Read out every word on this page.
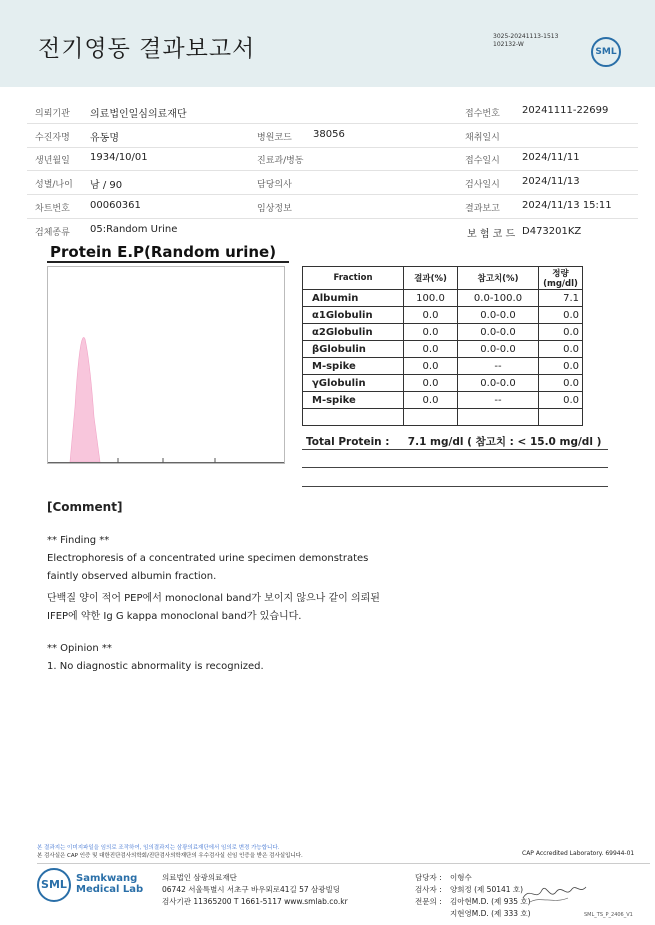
전기영동 결과보고서	3025-20241113-1513
102132-W
SML
의뢰기관 의료법인일심의료재단	접수번호 20241111-22699
수진자명 유동명	병원코드 38056	채취일시
생년월일 1934/10/01	진료과/병동	접수일시 2024/11/11
성별/나이 남 / 90	담당의사	검사일시 2024/11/13
차트번호 00060361	임상정보	결과보고 2024/11/13 15:11
검체종류 05:Random Urine	보 험 코 드 D473201KZ
Protein E.P(Random urine)
Fraction	결과(%)	참고치(%)	정량(mg/dl)
Albumin	100.0	0.0-100.0	7.1
α1Globulin	0.0	0.0-0.0	0.0
α2Globulin	0.0	0.0-0.0	0.0
βGlobulin	0.0	0.0-0.0	0.0
M-spike	0.0	--	0.0
γGlobulin	0.0	0.0-0.0	0.0
M-spike	0.0	--	0.0

Total Protein : 7.1 mg/dl ( 참고치 : < 15.0 mg/dl )
[Comment]
** Finding **
Electrophoresis of a concentrated urine specimen demonstrates
faintly observed albumin fraction.
단백질 양이 적어 PEP에서 monoclonal band가 보이지 않으나 같이 의뢰된
IFEP에 약한 Ig G kappa monoclonal band가 있습니다.
** Opinion **
1. No diagnostic abnormality is recognized.
본 결과지는 이미지파일을 임의로 조작하여, 임의결과지는 삼광의료재단에서 임의로 변경 가능합니다.
본 검사실은 CAP 인증 및 대한진단검사의학회/진단검사의학재단의 우수검사실 신임 인증을 받은 검사실입니다.	CAP Accredited Laboratory. 69944-01
SML Samkwang
Medical Lab
의료법인 삼광의료재단
06742 서울특별시 서초구 바우뫼로41길 57 삼광빌딩
검사기관 11365200 T 1661-5117 www.smlab.co.kr
담당자 : 이형수
검사자 : 양희정 (제 50141 호)
전문의 : 김아현M.D. (제 935 호)
지현영M.D. (제 333 호)	SML_TS_P_2406_V1
